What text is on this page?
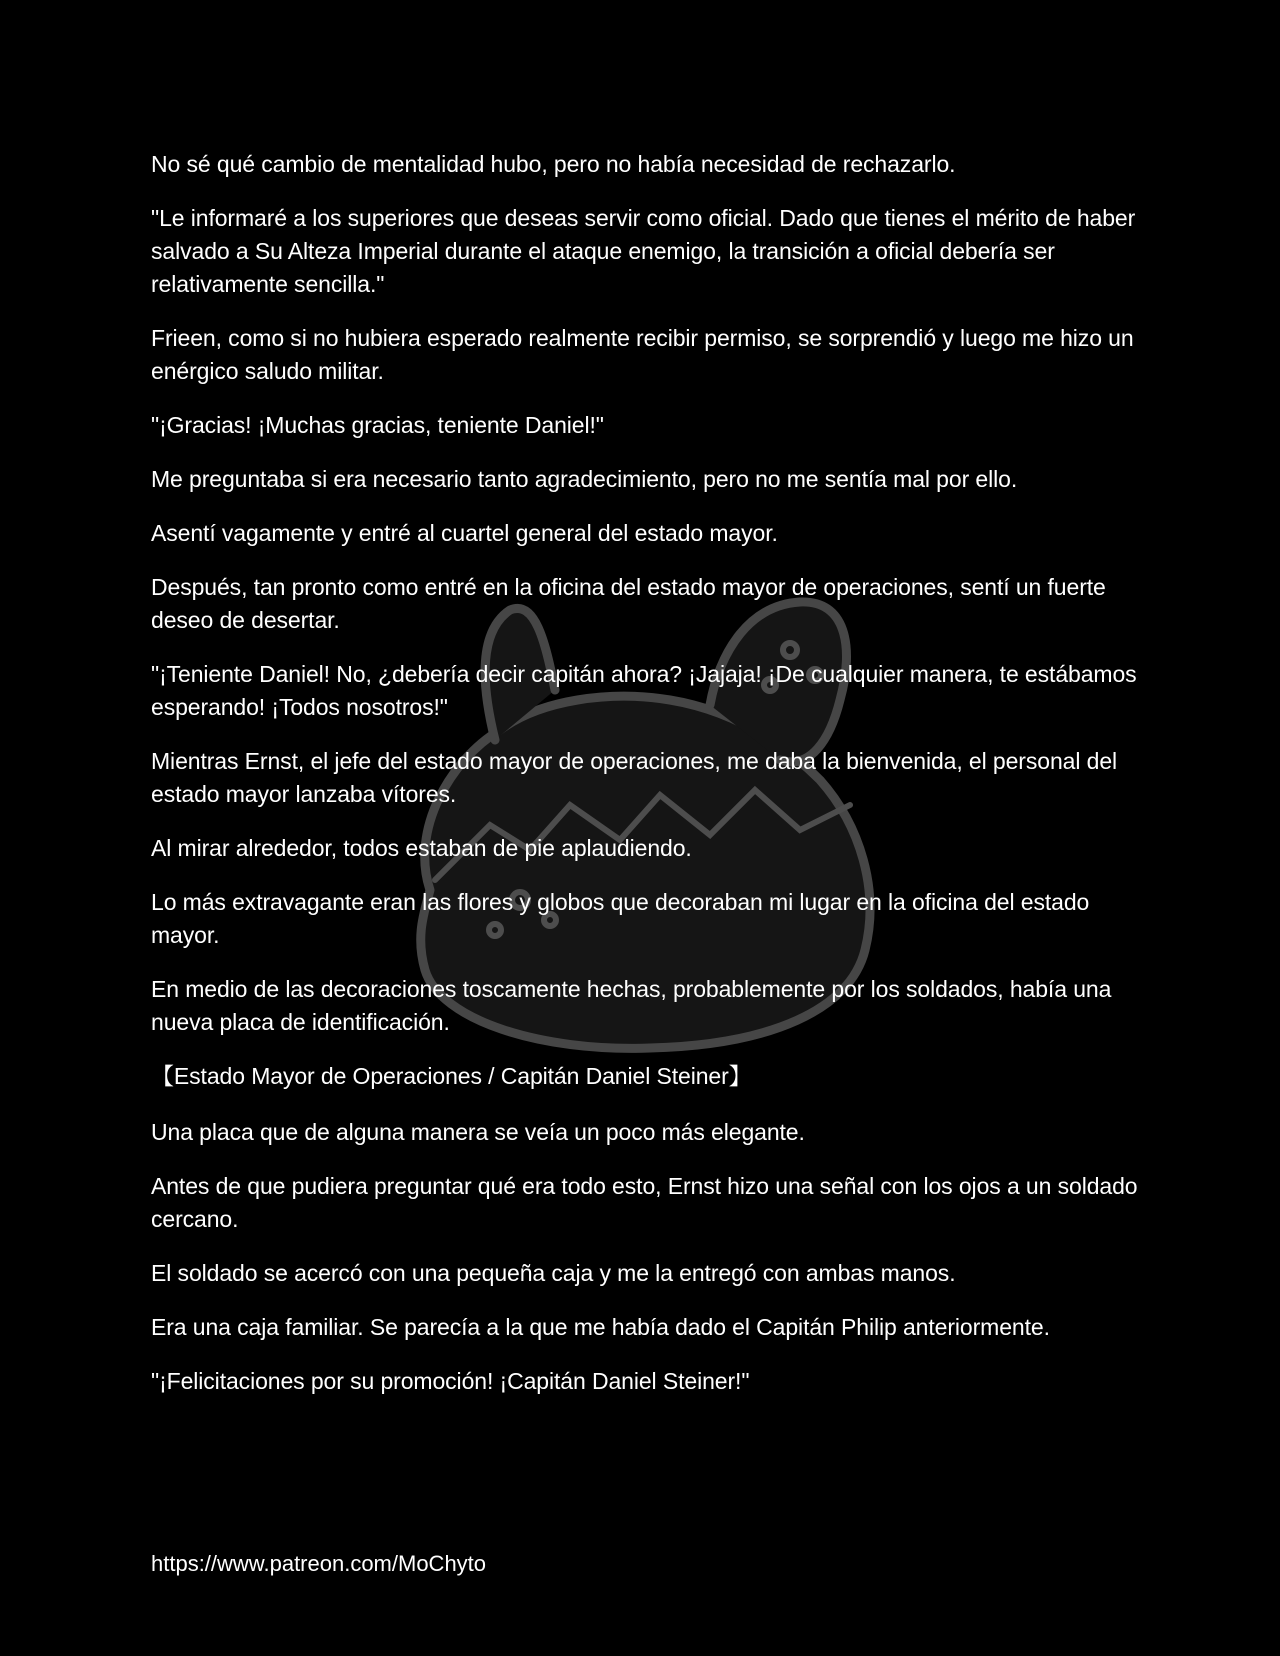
No sé qué cambio de mentalidad hubo, pero no había necesidad de rechazarlo.

"Le informaré a los superiores que deseas servir como oficial. Dado que tienes el mérito de haber salvado a Su Alteza Imperial durante el ataque enemigo, la transición a oficial debería ser relativamente sencilla."

Frieen, como si no hubiera esperado realmente recibir permiso, se sorprendió y luego me hizo un enérgico saludo militar.

"¡Gracias! ¡Muchas gracias, teniente Daniel!"

Me preguntaba si era necesario tanto agradecimiento, pero no me sentía mal por ello.

Asentí vagamente y entré al cuartel general del estado mayor.

Después, tan pronto como entré en la oficina del estado mayor de operaciones, sentí un fuerte deseo de desertar.

"¡Teniente Daniel! No, ¿debería decir capitán ahora? ¡Jajaja! ¡De cualquier manera, te estábamos esperando! ¡Todos nosotros!"

Mientras Ernst, el jefe del estado mayor de operaciones, me daba la bienvenida, el personal del estado mayor lanzaba vítores.

Al mirar alrededor, todos estaban de pie aplaudiendo.

Lo más extravagante eran las flores y globos que decoraban mi lugar en la oficina del estado mayor.

En medio de las decoraciones toscamente hechas, probablemente por los soldados, había una nueva placa de identificación.

【Estado Mayor de Operaciones / Capitán Daniel Steiner】

Una placa que de alguna manera se veía un poco más elegante.

Antes de que pudiera preguntar qué era todo esto, Ernst hizo una señal con los ojos a un soldado cercano.

El soldado se acercó con una pequeña caja y me la entregó con ambas manos.

Era una caja familiar. Se parecía a la que me había dado el Capitán Philip anteriormente.

"¡Felicitaciones por su promoción! ¡Capitán Daniel Steiner!"

https://www.patreon.com/MoChyto
